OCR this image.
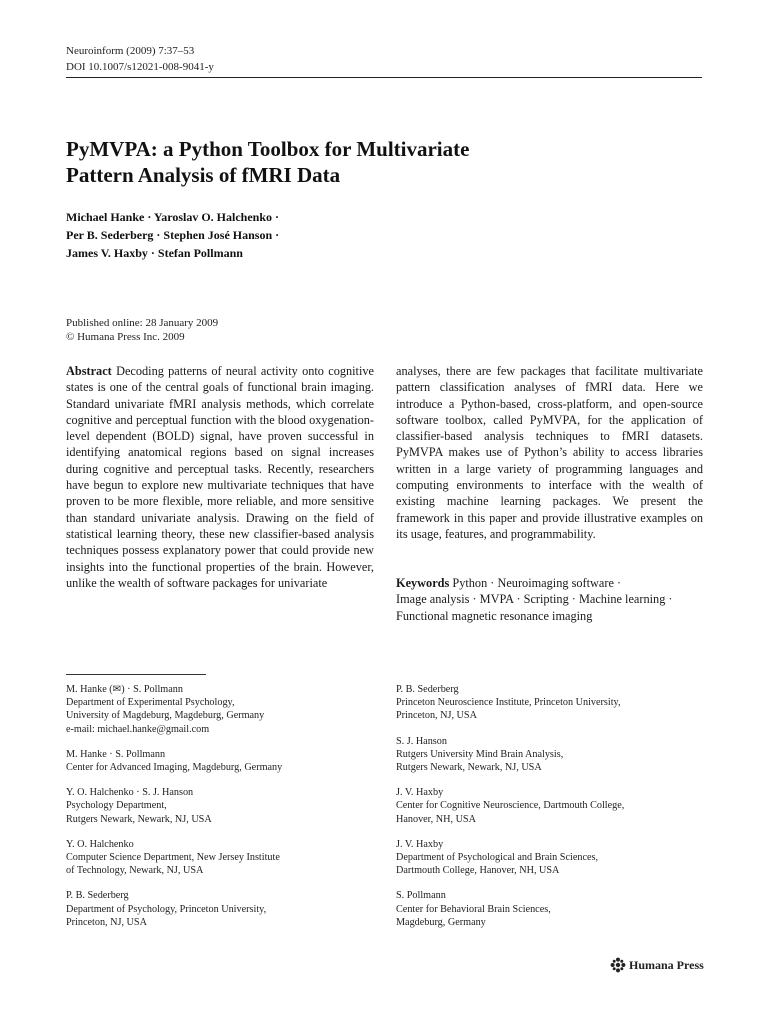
Neuroinform (2009) 7:37–53
DOI 10.1007/s12021-008-9041-y
PyMVPA: a Python Toolbox for Multivariate
Pattern Analysis of fMRI Data
Michael Hanke · Yaroslav O. Halchenko ·
Per B. Sederberg · Stephen José Hanson ·
James V. Haxby · Stefan Pollmann
Published online: 28 January 2009
© Humana Press Inc. 2009
Abstract Decoding patterns of neural activity onto cognitive states is one of the central goals of functional brain imaging. Standard univariate fMRI analysis methods, which correlate cognitive and perceptual function with the blood oxygenation-level dependent (BOLD) signal, have proven successful in identifying anatomical regions based on signal increases during cognitive and perceptual tasks. Recently, researchers have begun to explore new multivariate techniques that have proven to be more flexible, more reliable, and more sensitive than standard univariate analysis. Drawing on the field of statistical learning theory, these new classifier-based analysis techniques possess explanatory power that could provide new insights into the functional properties of the brain. However, unlike the wealth of software packages for univariate
analyses, there are few packages that facilitate multivariate pattern classification analyses of fMRI data. Here we introduce a Python-based, cross-platform, and open-source software toolbox, called PyMVPA, for the application of classifier-based analysis techniques to fMRI datasets. PyMVPA makes use of Python’s ability to access libraries written in a large variety of programming languages and computing environments to interface with the wealth of existing machine learning packages. We present the framework in this paper and provide illustrative examples on its usage, features, and programmability.
Keywords Python · Neuroimaging software ·
Image analysis · MVPA · Scripting · Machine learning ·
Functional magnetic resonance imaging
M. Hanke (✉) · S. Pollmann
Department of Experimental Psychology,
University of Magdeburg, Magdeburg, Germany
e-mail: michael.hanke@gmail.com
M. Hanke · S. Pollmann
Center for Advanced Imaging, Magdeburg, Germany
Y. O. Halchenko · S. J. Hanson
Psychology Department,
Rutgers Newark, Newark, NJ, USA
Y. O. Halchenko
Computer Science Department, New Jersey Institute
of Technology, Newark, NJ, USA
P. B. Sederberg
Department of Psychology, Princeton University,
Princeton, NJ, USA
P. B. Sederberg
Princeton Neuroscience Institute, Princeton University,
Princeton, NJ, USA
S. J. Hanson
Rutgers University Mind Brain Analysis,
Rutgers Newark, Newark, NJ, USA
J. V. Haxby
Center for Cognitive Neuroscience, Dartmouth College,
Hanover, NH, USA
J. V. Haxby
Department of Psychological and Brain Sciences,
Dartmouth College, Hanover, NH, USA
S. Pollmann
Center for Behavioral Brain Sciences,
Magdeburg, Germany
Humana Press
